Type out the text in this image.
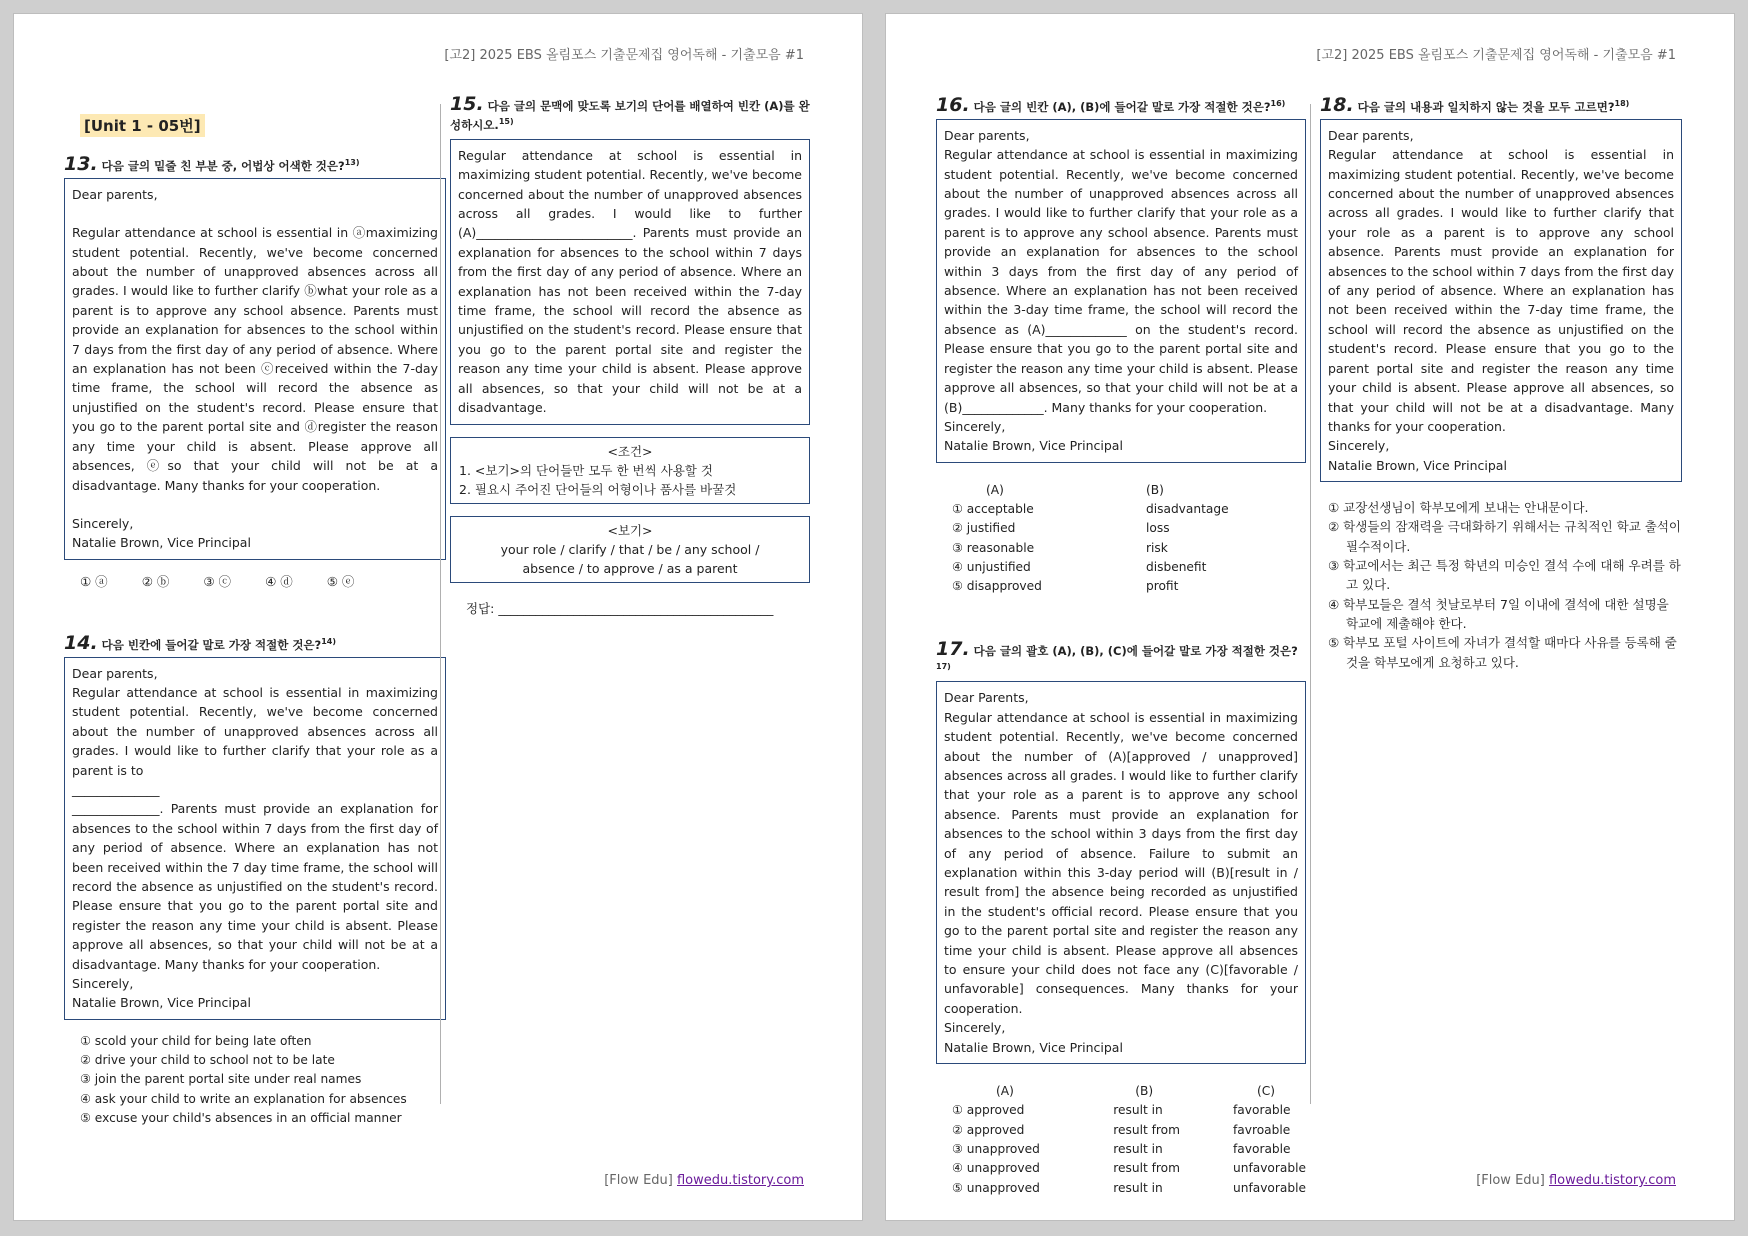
[고2] 2025 EBS 올림포스 기출문제집 영어독해 - 기출모음 #1
[Unit 1 - 05번]

13. 다음 글의 밑줄 친 부분 중, 어법상 어색한 것은?$^{13)}$

Dear parents,

Regular attendance at school is essential in ⓐmaximizing student potential. Recently, we've become concerned about the number of unapproved absences across all grades. I would like to further clarify ⓑwhat your role as a parent is to approve any school absence. Parents must provide an explanation for absences to the school within 7 days from the first day of any period of absence. Where an explanation has not been ⓒreceived within the 7-day time frame, the school will record the absence as unjustified on the student's record. Please ensure that you go to the parent portal site and ⓓregister the reason any time your child is absent. Please approve all absences, ⓔso that your child will not be at a disadvantage. Many thanks for your cooperation.

Sincerely,

Natalie Brown, Vice Principal

① ⓐ	② ⓑ	③ ⓒ	④ ⓓ	⑤ ⓔ

14. 다음 빈칸에 들어갈 말로 가장 적절한 것은?$^{14)}$

Dear parents,

Regular attendance at school is essential in maximizing student potential. Recently, we've become concerned about the number of unapproved absences across all grades. I would like to further clarify that your role as a parent is to

______________

______________. Parents must provide an explanation for absences to the school within 7 days from the first day of any period of absence. Where an explanation has not been received within the 7 day time frame, the school will record the absence as unjustified on the student's record. Please ensure that you go to the parent portal site and register the reason any time your child is absent. Please approve all absences, so that your child will not be at a disadvantage. Many thanks for your cooperation.

Sincerely,

Natalie Brown, Vice Principal

① scold your child for being late often
② drive your child to school not to be late
③ join the parent portal site under real names
④ ask your child to write an explanation for absences
⑤ excuse your child's absences in an official manner

15. 다음 글의 문맥에 맞도록 보기의 단어를 배열하여 빈칸 (A)를 완성하시오.$^{15)}$

Regular attendance at school is essential in maximizing student potential. Recently, we've become concerned about the number of unapproved absences across all grades. I would like to further (A)_________________________. Parents must provide an explanation for absences to the school within 7 days from the first day of any period of absence. Where an explanation has not been received within the 7-day time frame, the school will record the absence as unjustified on the student's record. Please ensure that you go to the parent portal site and register the reason any time your child is absent. Please approve all absences, so that your child will not be at a disadvantage.

<조건>
1. <보기>의 단어들만 모두 한 번씩 사용할 것
2. 필요시 주어진 단어들의 어형이나 품사를 바꿀것
<보기>
your role / clarify / that / be / any school /
absence / to approve / as a parent
정답: ____________________________________________
[Flow Edu] flowedu.tistory.com
[고2] 2025 EBS 올림포스 기출문제집 영어독해 - 기출모음 #1

16. 다음 글의 빈칸 (A), (B)에 들어갈 말로 가장 적절한 것은?$^{16)}$

Dear parents,

Regular attendance at school is essential in maximizing student potential. Recently, we've become concerned about the number of unapproved absences across all grades. I would like to further clarify that your role as a parent is to approve any school absence. Parents must provide an explanation for absences to the school within 3 days from the first day of any period of absence. Where an explanation has not been received within the 3-day time frame, the school will record the absence as (A)_____________ on the student's record. Please ensure that you go to the parent portal site and register the reason any time your child is absent. Please approve all absences, so that your child will not be at a (B)_____________. Many thanks for your cooperation.

Sincerely,

Natalie Brown, Vice Principal

(A)	(B)
① acceptable	disadvantage
② justified	loss
③ reasonable	risk
④ unjustified	disbenefit
⑤ disapproved	profit

17. 다음 글의 괄호 (A), (B), (C)에 들어갈 말로 가장 적절한 것은?$^{17)}$

Dear Parents,

Regular attendance at school is essential in maximizing student potential. Recently, we've become concerned about the number of (A)[approved / unapproved] absences across all grades. I would like to further clarify that your role as a parent is to approve any school absence. Parents must provide an explanation for absences to the school within 3 days from the first day of any period of absence. Failure to submit an explanation within this 3-day period will (B)[result in / result from] the absence being recorded as unjustified in the student's official record. Please ensure that you go to the parent portal site and register the reason any time your child is absent. Please approve all absences to ensure your child does not face any (C)[favorable / unfavorable] consequences. Many thanks for your cooperation.

Sincerely,

Natalie Brown, Vice Principal

(A)	(B)	(C)
① approved	result in	favorable
② approved	result from	favroable
③ unapproved	result in	favorable
④ unapproved	result from	unfavorable
⑤ unapproved	result in	unfavorable

18. 다음 글의 내용과 일치하지 않는 것을 모두 고르면?$^{18)}$

Dear parents,

Regular attendance at school is essential in maximizing student potential. Recently, we've become concerned about the number of unapproved absences across all grades. I would like to further clarify that your role as a parent is to approve any school absence. Parents must provide an explanation for absences to the school within 7 days from the first day of any period of absence. Where an explanation has not been received within the 7-day time frame, the school will record the absence as unjustified on the student's record. Please ensure that you go to the parent portal site and register the reason any time your child is absent. Please approve all absences, so that your child will not be at a disadvantage. Many thanks for your cooperation.

Sincerely,

Natalie Brown, Vice Principal

① 교장선생님이 학부모에게 보내는 안내문이다.
② 학생들의 잠재력을 극대화하기 위해서는 규칙적인 학교 출석이 필수적이다.
③ 학교에서는 최근 특정 학년의 미승인 결석 수에 대해 우려를 하고 있다.
④ 학부모들은 결석 첫날로부터 7일 이내에 결석에 대한 설명을 학교에 제출해야 한다.
⑤ 학부모 포털 사이트에 자녀가 결석할 때마다 사유를 등록해 줄 것을 학부모에게 요청하고 있다.
[Flow Edu] flowedu.tistory.com
